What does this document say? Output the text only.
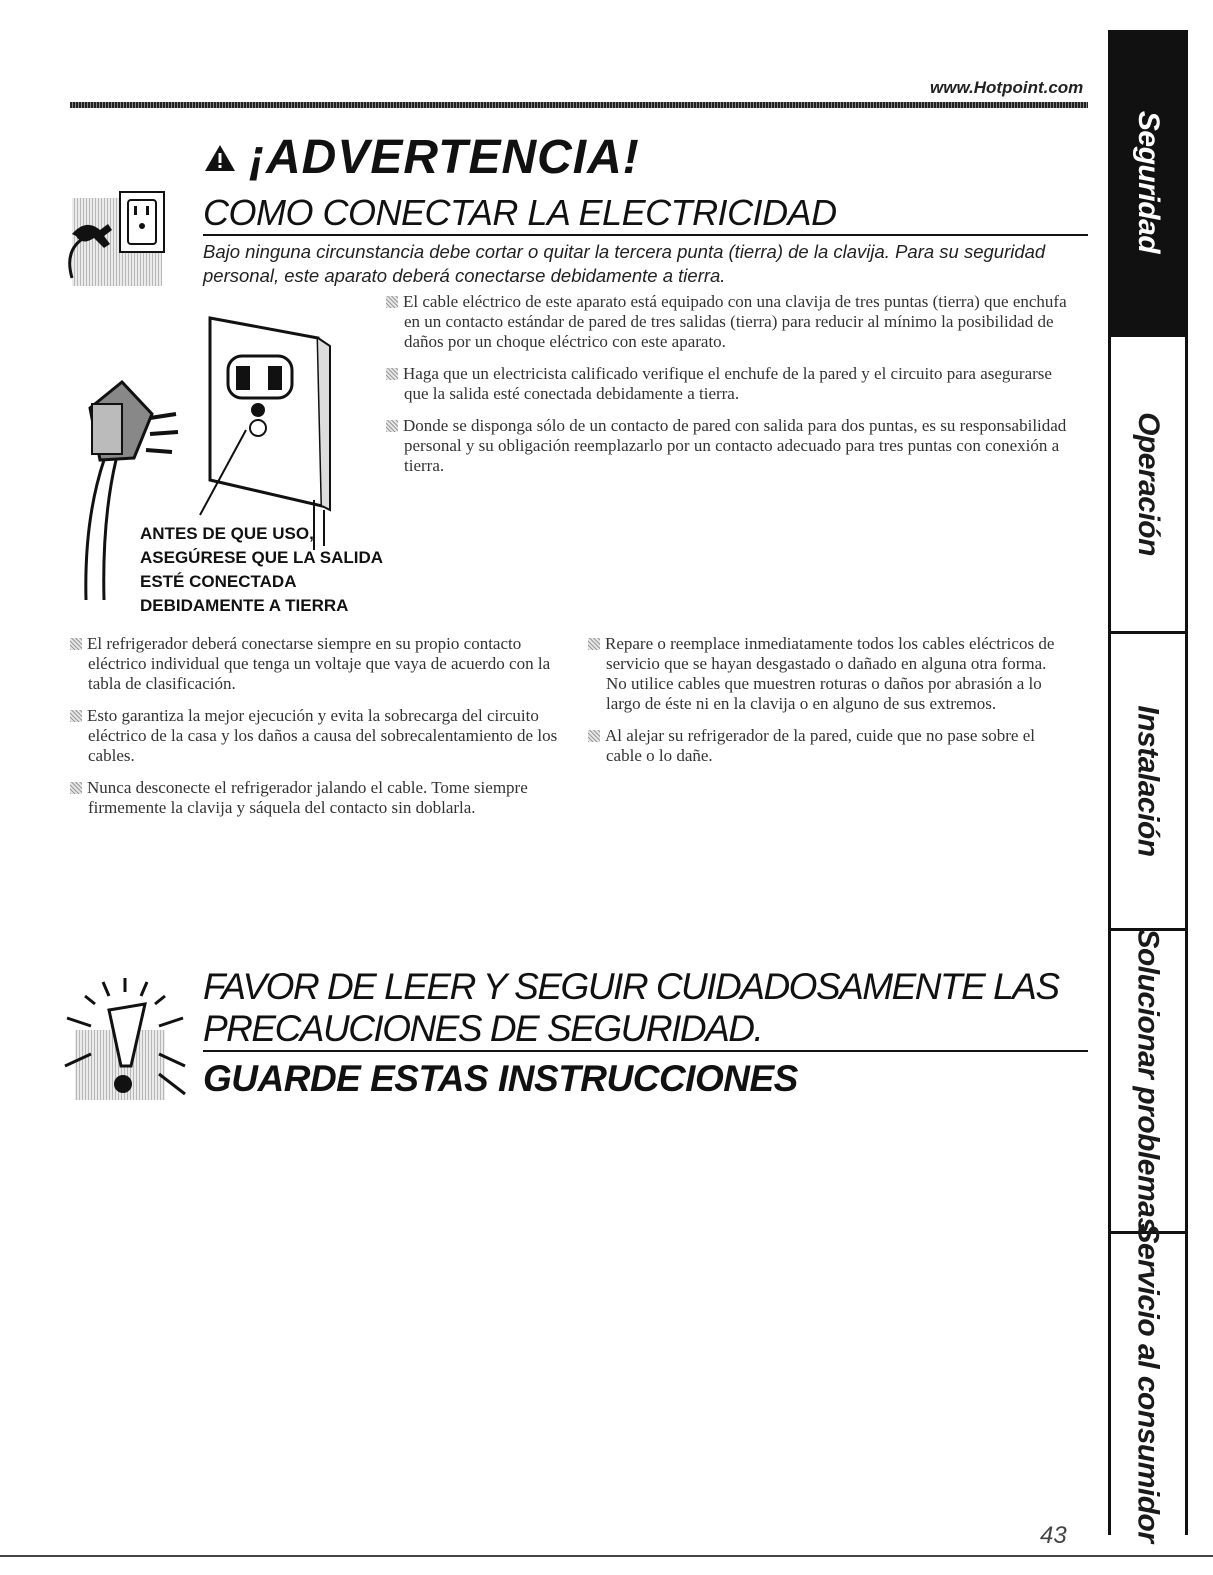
www.Hotpoint.com
¡ADVERTENCIA!
COMO CONECTAR LA ELECTRICIDAD
Bajo ninguna circunstancia debe cortar o quitar la tercera punta (tierra) de la clavija. Para su seguridad personal, este aparato deberá conectarse debidamente a tierra.
ANTES DE QUE USO,
ASEGÚRESE QUE LA SALIDA
ESTÉ CONECTADA
DEBIDAMENTE A TIERRA

El cable eléctrico de este aparato está equipado con una clavija de tres puntas (tierra) que enchufa en un contacto estándar de pared de tres salidas (tierra) para reducir al mínimo la posibilidad de daños por un choque eléctrico con este aparato.

Haga que un electricista calificado verifique el enchufe de la pared y el circuito para asegurarse que la salida esté conectada debidamente a tierra.

Donde se disponga sólo de un contacto de pared con salida para dos puntas, es su responsabilidad personal y su obligación reemplazarlo por un contacto adecuado para tres puntas con conexión a tierra.

El refrigerador deberá conectarse siempre en su propio contacto eléctrico individual que tenga un voltaje que vaya de acuerdo con la tabla de clasificación.

Esto garantiza la mejor ejecución y evita la sobrecarga del circuito eléctrico de la casa y los daños a causa del sobrecalentamiento de los cables.

Nunca desconecte el refrigerador jalando el cable. Tome siempre firmemente la clavija y sáquela del contacto sin doblarla.

Repare o reemplace inmediatamente todos los cables eléctricos de servicio que se hayan desgastado o dañado en alguna otra forma. No utilice cables que muestren roturas o daños por abrasión a lo largo de éste ni en la clavija o en alguno de sus extremos.

Al alejar su refrigerador de la pared, cuide que no pase sobre el cable o lo dañe.

FAVOR DE LEER Y SEGUIR CUIDADOSAMENTE LAS PRECAUCIONES DE SEGURIDAD.
GUARDE ESTAS INSTRUCCIONES
43
Seguridad
Operación
Instalación
Solucionar problemas
Servicio al consumidor
